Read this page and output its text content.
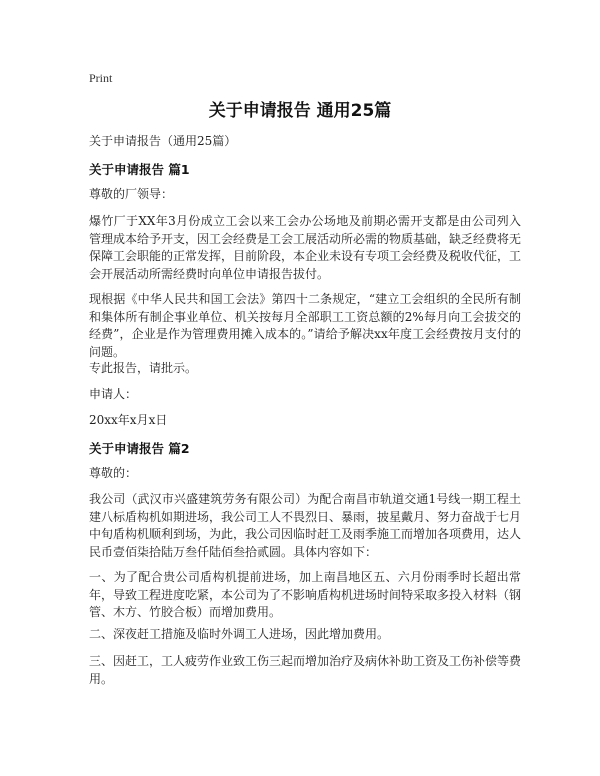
Print
关于申请报告 通用25篇
关于申请报告（通用25篇）
关于申请报告 篇1
尊敬的厂领导：
爆竹厂于XX年3月份成立工会以来工会办公场地及前期必需开支都是由公司列入管理成本给予开支，因工会经费是工会工展活动所必需的物质基础，缺乏经费将无保障工会职能的正常发挥，目前阶段，本企业未设有专项工会经费及税收代征，工会开展活动所需经费时向单位申请报告拔付。
现根据《中华人民共和国工会法》第四十二条规定，“建立工会组织的全民所有制和集体所有制企事业单位、机关按每月全部职工工资总额的2%每月向工会拔交的经费”，企业是作为管理费用摊入成本的。”请给予解决xx年度工会经费按月支付的问题。
专此报告，请批示。
申请人：
20xx年x月x日
关于申请报告 篇2
尊敬的：
我公司（武汉市兴盛建筑劳务有限公司）为配合南昌市轨道交通1号线一期工程土建八标盾构机如期进场，我公司工人不畏烈日、暴雨，披星戴月、努力奋战于七月中旬盾构机顺利到场，为此，我公司因临时赶工及雨季施工而增加各项费用，达人民币壹佰柒拾陆万叁仟陆佰叁拾贰圆。具体内容如下：
一、为了配合贵公司盾构机提前进场，加上南昌地区五、六月份雨季时长超出常年，导致工程进度吃紧，本公司为了不影响盾构机进场时间特采取多投入材料（钢管、木方、竹胶合板）而增加费用。
二、深夜赶工措施及临时外调工人进场，因此增加费用。
三、因赶工，工人疲劳作业致工伤三起而增加治疗及病休补助工资及工伤补偿等费用。
